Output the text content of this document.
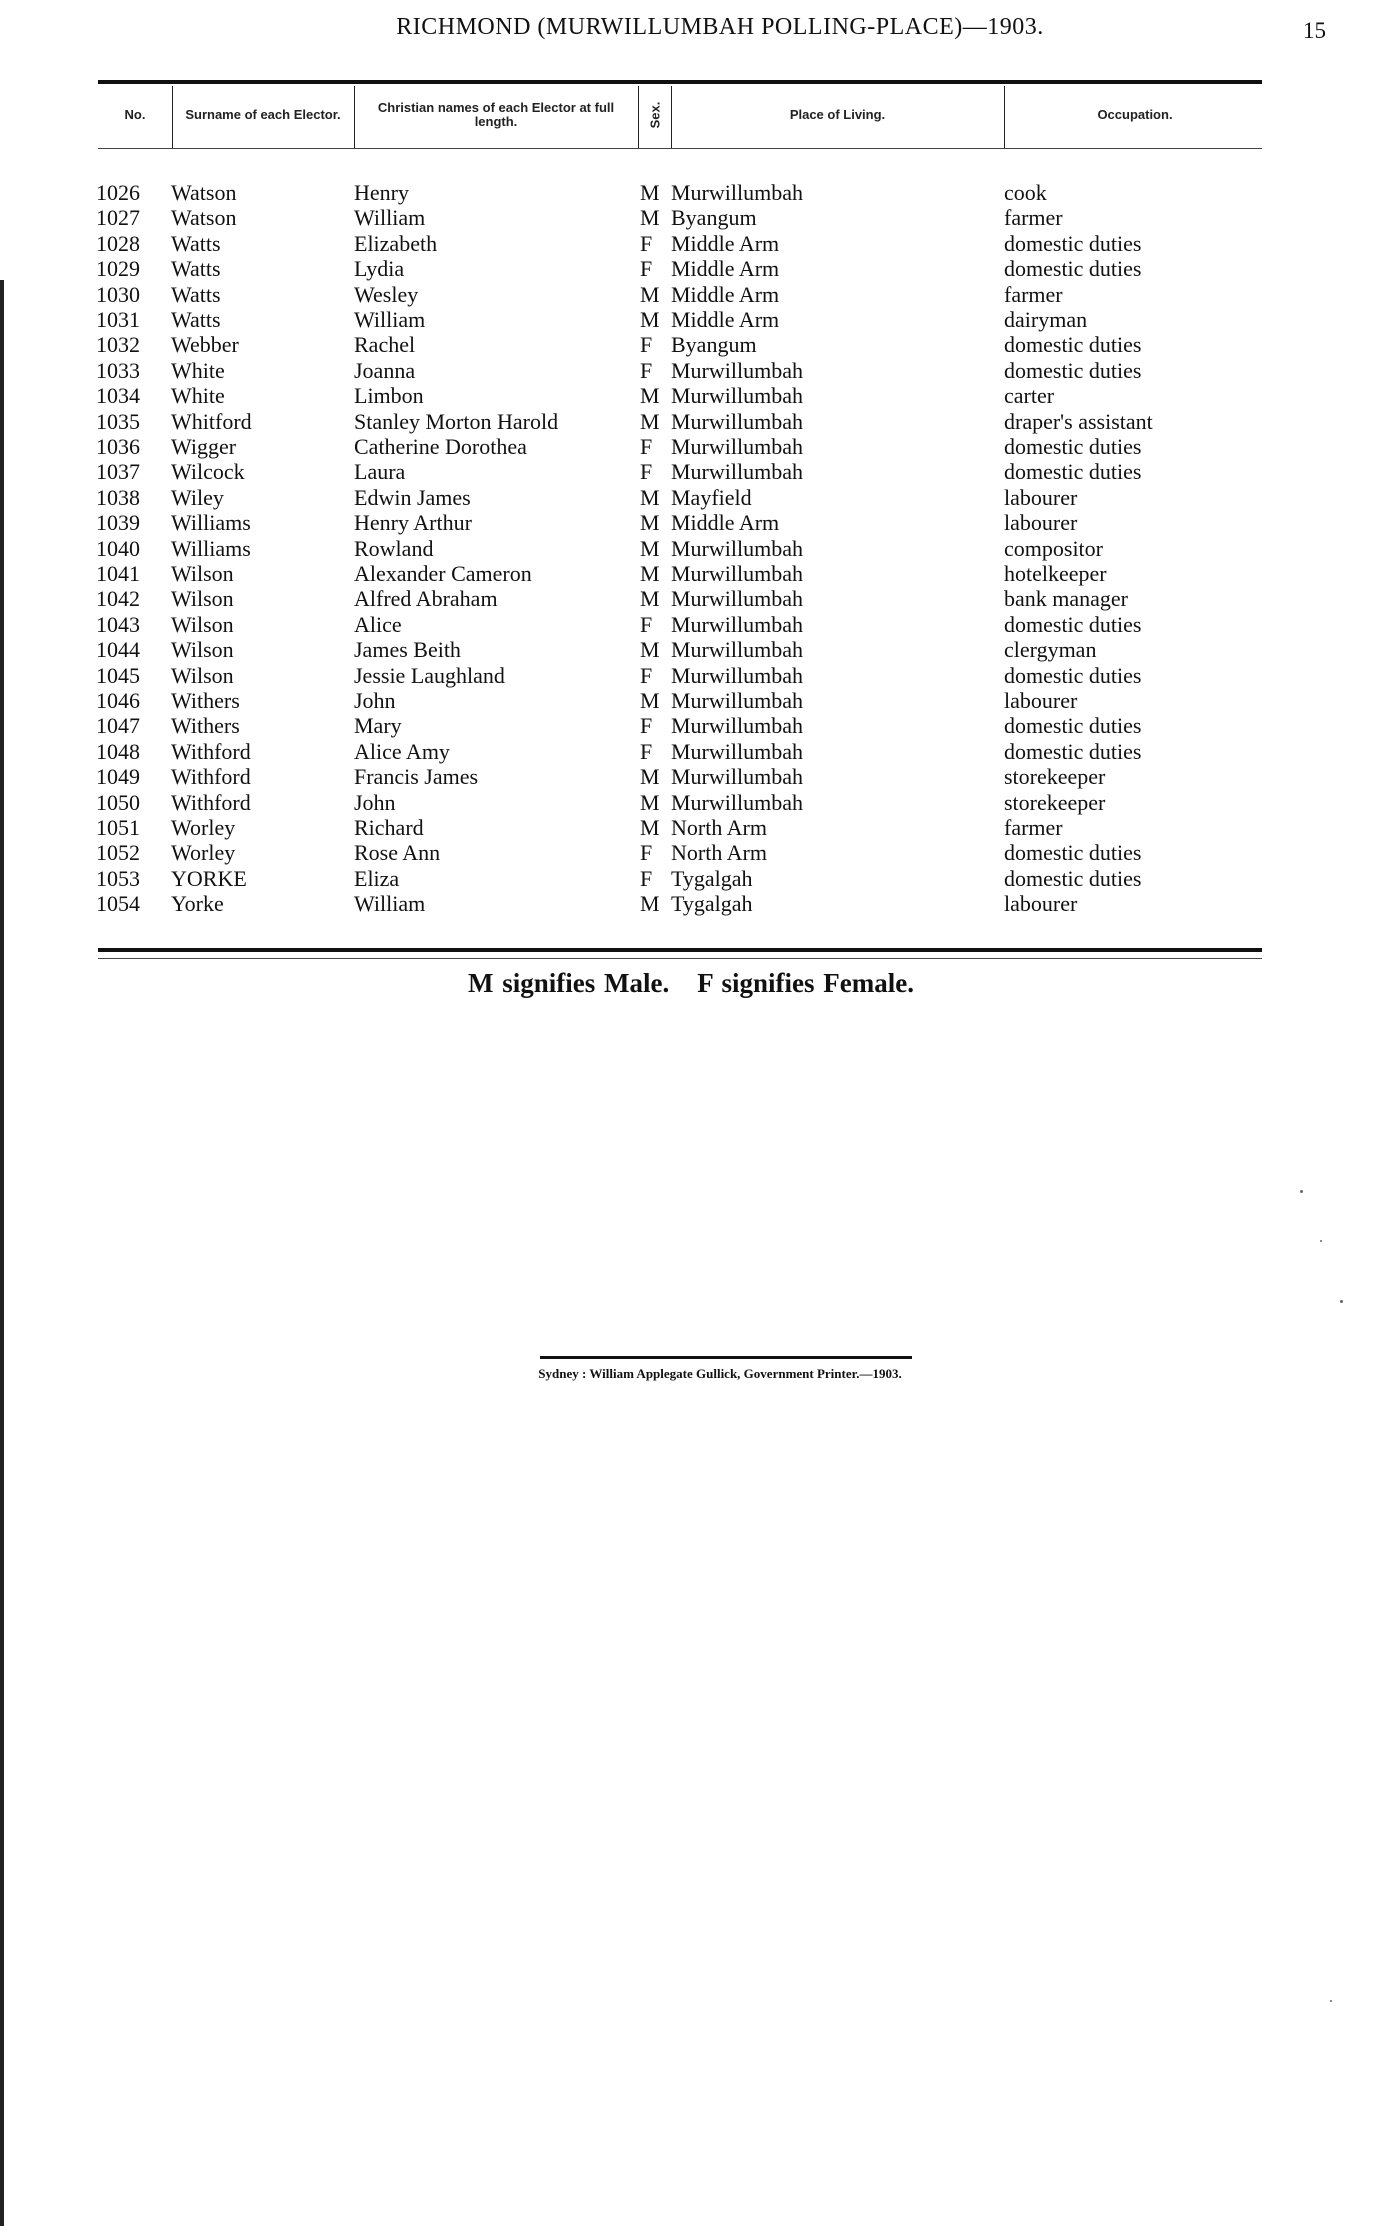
RICHMOND (MURWILLUMBAH POLLING-PLACE)—1903.	15
No.	Surname of each Elector.	Christian names of each Elector at full length.	Sex.	Place of Living.	Occupation.
1026 Watson	Henry	M Murwillumbah	cook
1027 Watson	William	M Byangum	farmer
1028 Watts	Elizabeth	F Middle Arm	domestic duties
1029 Watts	Lydia	F Middle Arm	domestic duties
1030 Watts	Wesley	M Middle Arm	farmer
1031 Watts	William	M Middle Arm	dairyman
1032 Webber	Rachel	F Byangum	domestic duties
1033 White	Joanna	F Murwillumbah	domestic duties
1034 White	Limbon	M Murwillumbah	carter
1035 Whitford	Stanley Morton Harold	M Murwillumbah	draper's assistant
1036 Wigger	Catherine Dorothea	F Murwillumbah	domestic duties
1037 Wilcock	Laura	F Murwillumbah	domestic duties
1038 Wiley	Edwin James	M Mayfield	labourer
1039 Williams	Henry Arthur	M Middle Arm	labourer
1040 Williams	Rowland	M Murwillumbah	compositor
1041 Wilson	Alexander Cameron	M Murwillumbah	hotelkeeper
1042 Wilson	Alfred Abraham	M Murwillumbah	bank manager
1043 Wilson	Alice	F Murwillumbah	domestic duties
1044 Wilson	James Beith	M Murwillumbah	clergyman
1045 Wilson	Jessie Laughland	F Murwillumbah	domestic duties
1046 Withers	John	M Murwillumbah	labourer
1047 Withers	Mary	F Murwillumbah	domestic duties
1048 Withford	Alice Amy	F Murwillumbah	domestic duties
1049 Withford	Francis James	M Murwillumbah	storekeeper
1050 Withford	John	M Murwillumbah	storekeeper
1051 Worley	Richard	M North Arm	farmer
1052 Worley	Rose Ann	F North Arm	domestic duties
1053 YORKE	Eliza	F Tygalgah	domestic duties
1054 Yorke	William	M Tygalgah	labourer
M signifies Male. F signifies Female.
Sydney : William Applegate Gullick, Government Printer.—1903.
